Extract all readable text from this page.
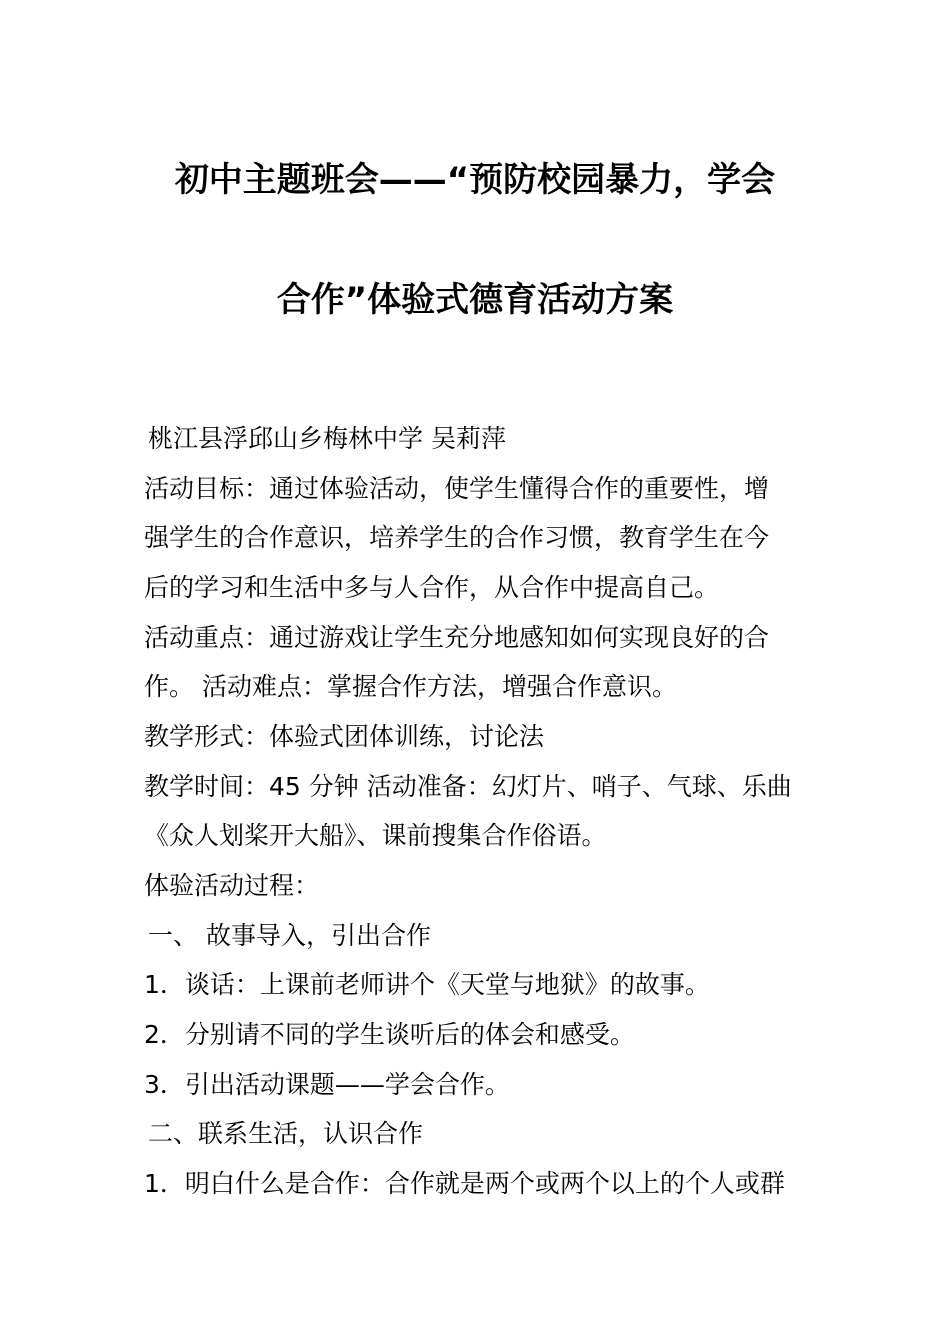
初中主题班会——“预防校园暴力，学会
合作”体验式德育活动方案
桃江县浮邱山乡梅林中学 吴莉萍
活动目标：通过体验活动，使学生懂得合作的重要性，增
强学生的合作意识，培养学生的合作习惯，教育学生在今
后的学习和生活中多与人合作，从合作中提高自己。
活动重点：通过游戏让学生充分地感知如何实现良好的合
作。 活动难点：掌握合作方法，增强合作意识。
教学形式：体验式团体训练，讨论法
教学时间：45 分钟 活动准备：幻灯片、哨子、气球、乐曲
《众人划桨开大船》、课前搜集合作俗语。
体验活动过程：
一、 故事导入，引出合作
1．谈话：上课前老师讲个《天堂与地狱》的故事。
2．分别请不同的学生谈听后的体会和感受。
3．引出活动课题——学会合作。
二、联系生活，认识合作
1．明白什么是合作：合作就是两个或两个以上的个人或群
